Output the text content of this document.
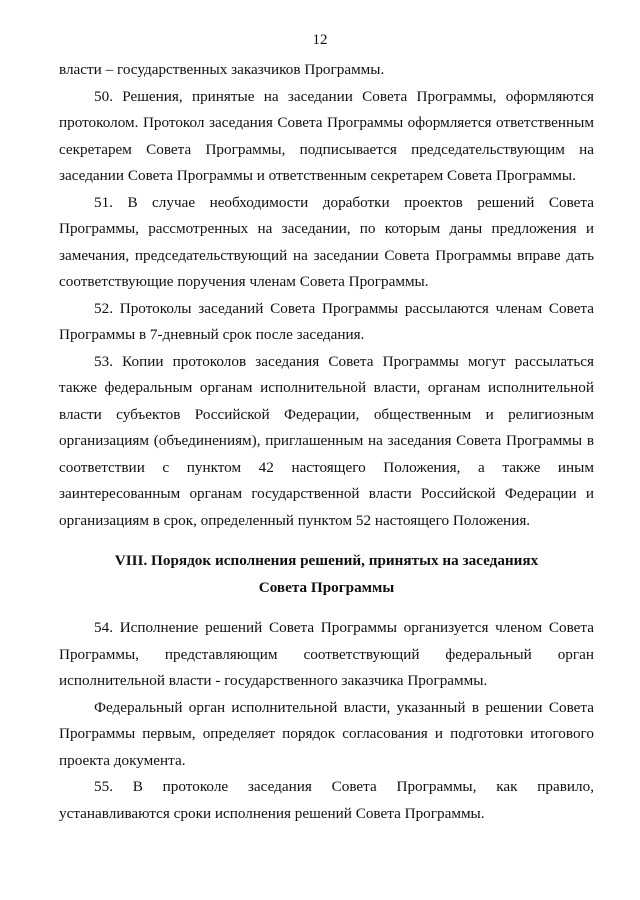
12

власти – государственных заказчиков Программы.

50. Решения, принятые на заседании Совета Программы, оформляются протоколом. Протокол заседания Совета Программы оформляется ответственным секретарем Совета Программы, подписывается председательствующим на заседании Совета Программы и ответственным секретарем Совета Программы.

51. В случае необходимости доработки проектов решений Совета Программы, рассмотренных на заседании, по которым даны предложения и замечания, председательствующий на заседании Совета Программы вправе дать соответствующие поручения членам Совета Программы.

52. Протоколы заседаний Совета Программы рассылаются членам Совета Программы в 7-дневный срок после заседания.

53. Копии протоколов заседания Совета Программы могут рассылаться также федеральным органам исполнительной власти, органам исполнительной власти субъектов Российской Федерации, общественным и религиозным организациям (объединениям), приглашенным на заседания Совета Программы в соответствии с пунктом 42 настоящего Положения, а также иным заинтересованным органам государственной власти Российской Федерации и организациям в срок, определенный пунктом 52 настоящего Положения.

VIII. Порядок исполнения решений, принятых на заседаниях
Совета Программы

54. Исполнение решений Совета Программы организуется членом Совета Программы, представляющим соответствующий федеральный орган исполнительной власти - государственного заказчика Программы.

Федеральный орган исполнительной власти, указанный в решении Совета Программы первым, определяет порядок согласования и подготовки итогового проекта документа.

55. В протоколе заседания Совета Программы, как правило, устанавливаются сроки исполнения решений Совета Программы.
